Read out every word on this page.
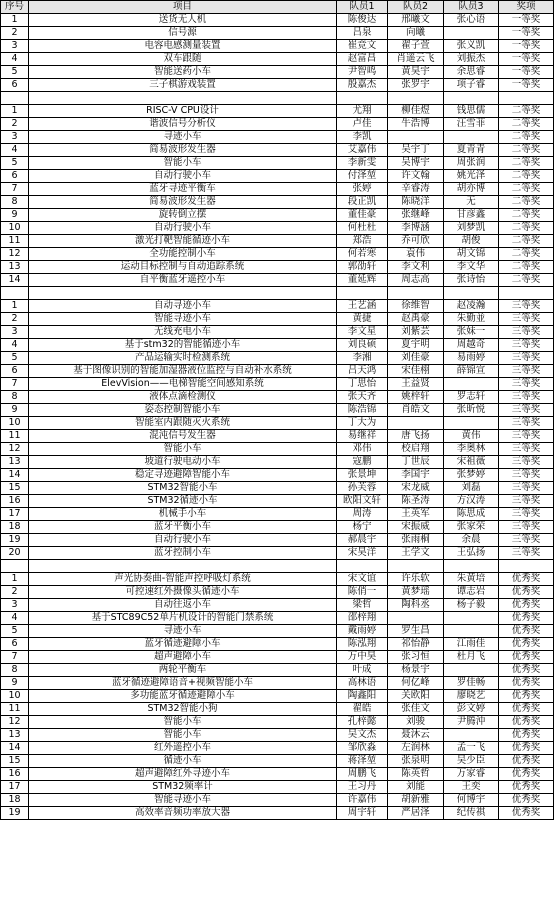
序号	项目	队员1	队员2	队员3	奖项
1	送货无人机	陈俊达	邢曦文	张心语	一等奖
2	信号源	吕泉	向曦		一等奖
3	电容电感测量装置	崔竞文	翟子萱	张义凯	一等奖
4	双车跟随	赵富昌	肖遥云飞	刘振杰	一等奖
5	智能送药小车	尹智鸣	黄昊宇	余思睿	一等奖
6	三子棋游戏装置	殷嘉杰	张罗宇	项子睿	一等奖

1	RISC-V CPU设计	尤翔	柳佳煜	钱思儒	二等奖
2	谐波信号分析仪	卢佳	牛浩博	汪雪菲	二等奖
3	寻迹小车	李凯			二等奖
4	简易波形发生器	艾嘉伟	吴宇丁	夏青青	二等奖
5	智能小车	李新雯	吴博宇	周张润	二等奖
6	自动行驶小车	付泽堃	许文翰	姚光泽	二等奖
7	蓝牙寻迹平衡车	张婷	辛睿涛	胡亦博	二等奖
8	简易波形发生器	段正凯	陈晓洋	无	二等奖
9	旋转倒立摆	董佳豪	张继峰	甘彦鑫	二等奖
10	自动行驶小车	何杜杜	李博涵	刘梦凯	二等奖
11	激光打靶智能循迹小车	郑浩	乔可欣	胡俊	二等奖
12	全功能控制小车	何若寒	袁伟	胡文锦	二等奖
13	运动目标控制与自动追踪系统	郭劭轩	李文利	李文华	二等奖
14	自平衡蓝牙遥控小车	董延辉	周志高	张诗怡	二等奖

1	自动寻迹小车	王艺涵	徐维智	赵凌瀚	三等奖
2	智能寻迹小车	黄捷	赵禹豪	朱勤並	三等奖
3	无线充电小车	李文星	刘紫芸	张妹一	三等奖
4	基于stm32的智能循迹小车	刘良硕	夏宇明	周越奇	三等奖
5	产品运输实时检测系统	李湘	刘佳豪	易雨婷	三等奖
6	基于图像识别的智能加湿器液位监控与自动补水系统	吕天鸿	宋佳栩	薛锦宣	三等奖
7	ElevVision——电梯智能空间感知系统	丁思怡	王益贤		三等奖
8	液体点滴检测仪	张天齐	姚梓轩	罗志轩	三等奖
9	姿态控制智能小车	陈浩锦	肖皓文	张昕悦	三等奖
10	智能室内跟随灭火系统	丁大为			三等奖
11	混沌信号发生器	易继祥	唐飞扬	黄伟	三等奖
12	智能小车	邓伟	校启翔	李奥林	三等奖
13	坡道行驶电动小车	寇鹏	丁世辰	宋祖薇	三等奖
14	稳定寻迹避障智能小车	张景坤	李国宇	张梦婷	三等奖
15	STM32智能小车	孙芙蓉	宋龙威	刘磊	三等奖
16	STM32循迹小车	欧阳文轩	陈圣涛	方汉涛	三等奖
17	机械手小车	周涛	王英军	陈思成	三等奖
18	蓝牙平衡小车	杨宁	宋振威	张家荣	三等奖
19	自动行驶小车	郝晨宇	张雨桐	余晨	三等奖
20	蓝牙控制小车	宋昊洋	王学文	王弘扬	三等奖

1	声光协奏曲-智能声控呼吸灯系统	宋文谊	许乐软	朱黄培	优秀奖
2	可控速红外摄像头循迹小车	陈俏一	黄梦瑶	谭志岩	优秀奖
3	自动往返小车	梁哲	陶科丞	杨子毅	优秀奖
4	基于STC89C52单片机设计的智能门禁系统	邵梓翔			优秀奖
5	寻迹小车	戴雨婷	罗生昌		优秀奖
6	蓝牙循迹避障小车	陈泓翔	祁怡静	江雨佳	优秀奖
7	超声避障小车	万中昊	张习恒	杜月飞	优秀奖
8	两轮平衡车	叶成	杨景宇		优秀奖
9	蓝牙循迹避障语音+视频智能小车	高林语	何亿峰	罗佳畅	优秀奖
10	多功能蓝牙循迹避障小车	陶鑫阳	关欧阳	廖晓艺	优秀奖
11	STM32智能小狗	翟皓	张佳文	彭文婷	优秀奖
12	智能小车	孔梓懿	刘骏	尹腾沖	优秀奖
13	智能小车	吴文杰	聂沐云		优秀奖
14	红外遥控小车	邹欣淼	左润林	孟一飞	优秀奖
15	循迹小车	蒋泽堃	张泉明	吴少臣	优秀奖
16	超声避障红外寻迹小车	周鹏飞	陈英哲	万家睿	优秀奖
17	STM32频率计	王习丹	刘能	王奕	优秀奖
18	智能寻迹小车	许嘉伟	胡新雅	何博宇	优秀奖
19	高效率音频功率放大器	周宇轩	严居泽	纪传祺	优秀奖
